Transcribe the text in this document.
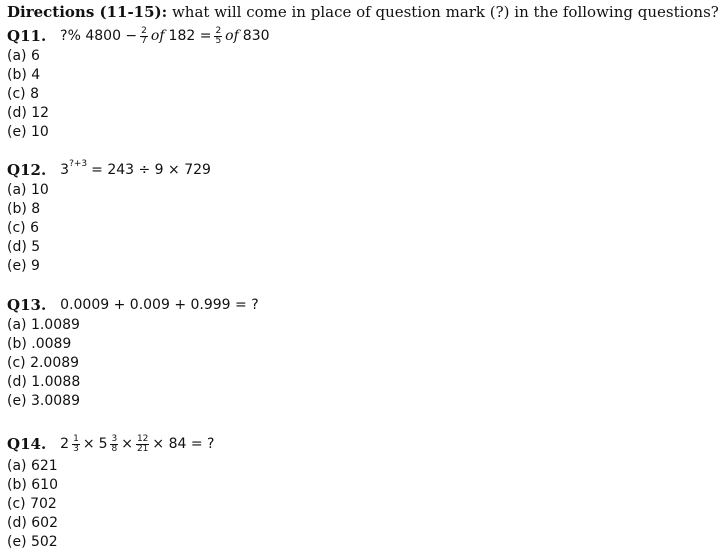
Directions (11-15): what will come in place of question mark (?) in the following questions?
Q11. ?% $4800 - \frac{2}{7}$ of $182 = \frac{2}{5}$ of 830
(a) 6
(b) 4
(c) 8
(d) 12
(e) 10
Q12. 3 ?+3 = 243 ÷ 9 × 729
(a) 10
(b) 8
(c) 6
(d) 5
(e) 9
Q13. 0.0009 + 0.009 + 0.999 = ?
(a) 1.0089
(b) .0089
(c) 2.0089
(d) 1.0088
(e) 3.0089
Q14. $2 \frac{1}{3} \times 5 \frac{3}{8} \times \frac{12}{21} \times 84$ = ?
(a) 621
(b) 610
(c) 702
(d) 602
(e) 502
